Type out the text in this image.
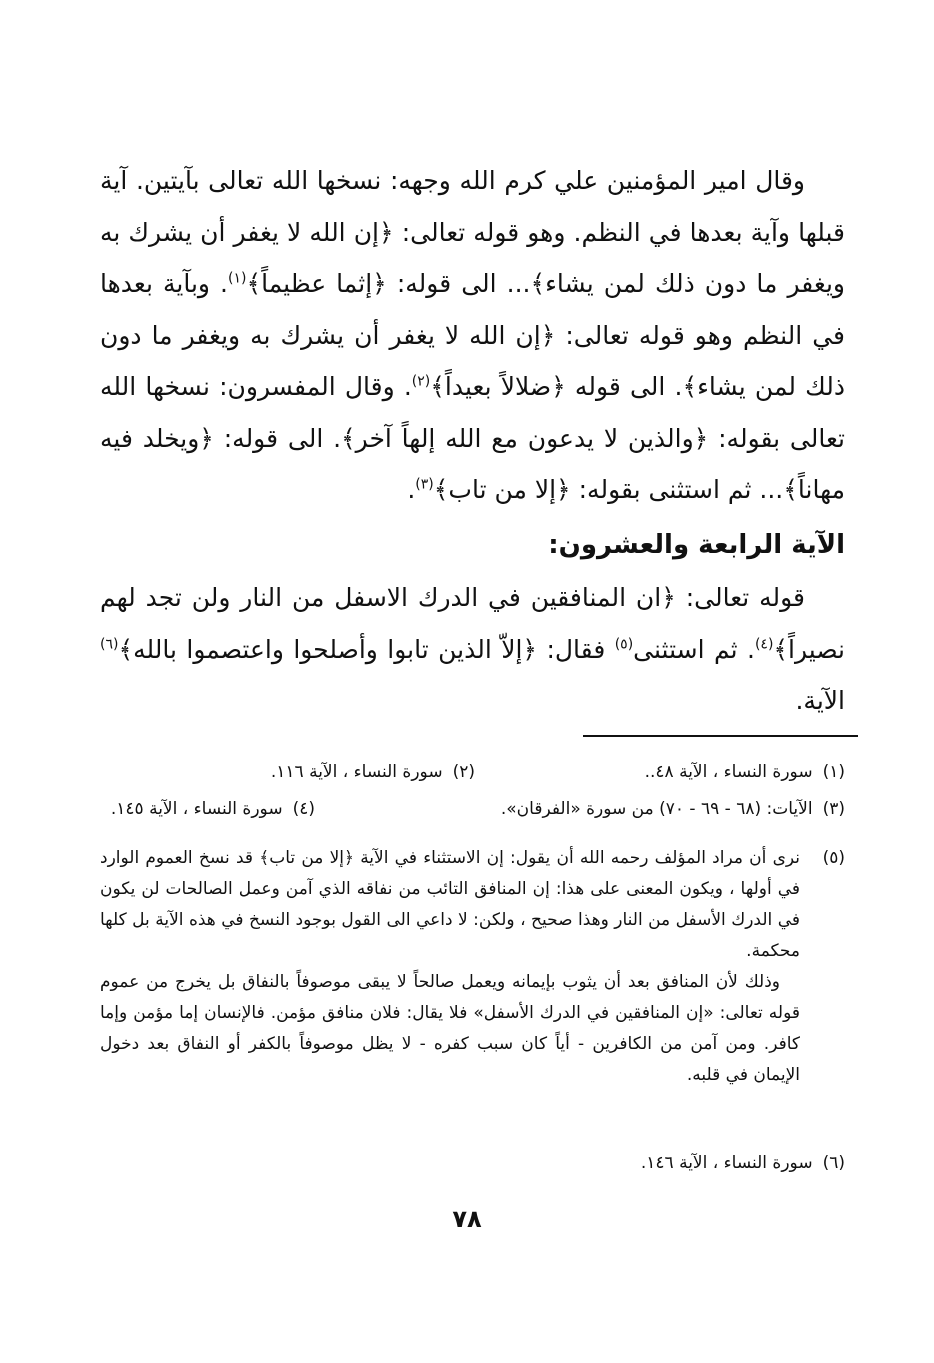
وقال امير المؤمنين علي كرم الله وجهه: نسخها الله تعالى بآيتين. آية قبلها وآية بعدها في النظم. وهو قوله تعالى: ﴿إن الله لا يغفر أن يشرك به ويغفر ما دون ذلك لمن يشاء﴾... الى قوله: ﴿إثما عظيماً﴾$^{(١)}$. وبآية بعدها في النظم وهو قوله تعالى: ﴿إن الله لا يغفر أن يشرك به ويغفر ما دون ذلك لمن يشاء﴾. الى قوله ﴿ضلالاً بعيداً﴾$^{(٢)}$. وقال المفسرون: نسخها الله تعالى بقوله: ﴿والذين لا يدعون مع الله إلهاً آخر﴾. الى قوله: ﴿ويخلد فيه مهاناً﴾... ثم استثنى بقوله: ﴿إلا من تاب﴾$^{(٣)}$.

الآية الرابعة والعشرون:
قوله تعالى: ﴿ان المنافقين في الدرك الاسفل من النار ولن تجد لهم نصيراً﴾$^{(٤)}$. ثم استثنى$^{(٥)}$ فقال: ﴿إلاّ الذين تابوا وأصلحوا واعتصموا بالله﴾$^{(٦)}$ الآية.
(١)سورة النساء ، الآية ٤٨..
(٢)سورة النساء ، الآية ١١٦.
(٣)الآيات: (٦٨ - ٦٩ - ٧٠) من سورة «الفرقان».
(٤)سورة النساء ، الآية ١٤٥.
(٥)

نرى أن مراد المؤلف رحمه الله أن يقول: إن الاستثناء في الآية ﴿إلا من تاب﴾ قد نسخ العموم الوارد في أولها ، ويكون المعنى على هذا: إن المنافق التائب من نفاقه الذي آمن وعمل الصالحات لن يكون في الدرك الأسفل من النار وهذا صحيح ، ولكن: لا داعي الى القول بوجود النسخ في هذه الآية بل كلها محكمة.

وذلك لأن المنافق بعد أن يثوب بإيمانه ويعمل صالحاً لا يبقى موصوفاً بالنفاق بل يخرج من عموم قوله تعالى: «إن المنافقين في الدرك الأسفل» فلا يقال: فلان منافق مؤمن. فالإنسان إما مؤمن وإما كافر. ومن آمن من الكافرين - أياً كان سبب كفره - لا يظل موصوفاً بالكفر أو النفاق بعد دخول الإيمان في قلبه.

(٦)سورة النساء ، الآية ١٤٦.
٧٨
